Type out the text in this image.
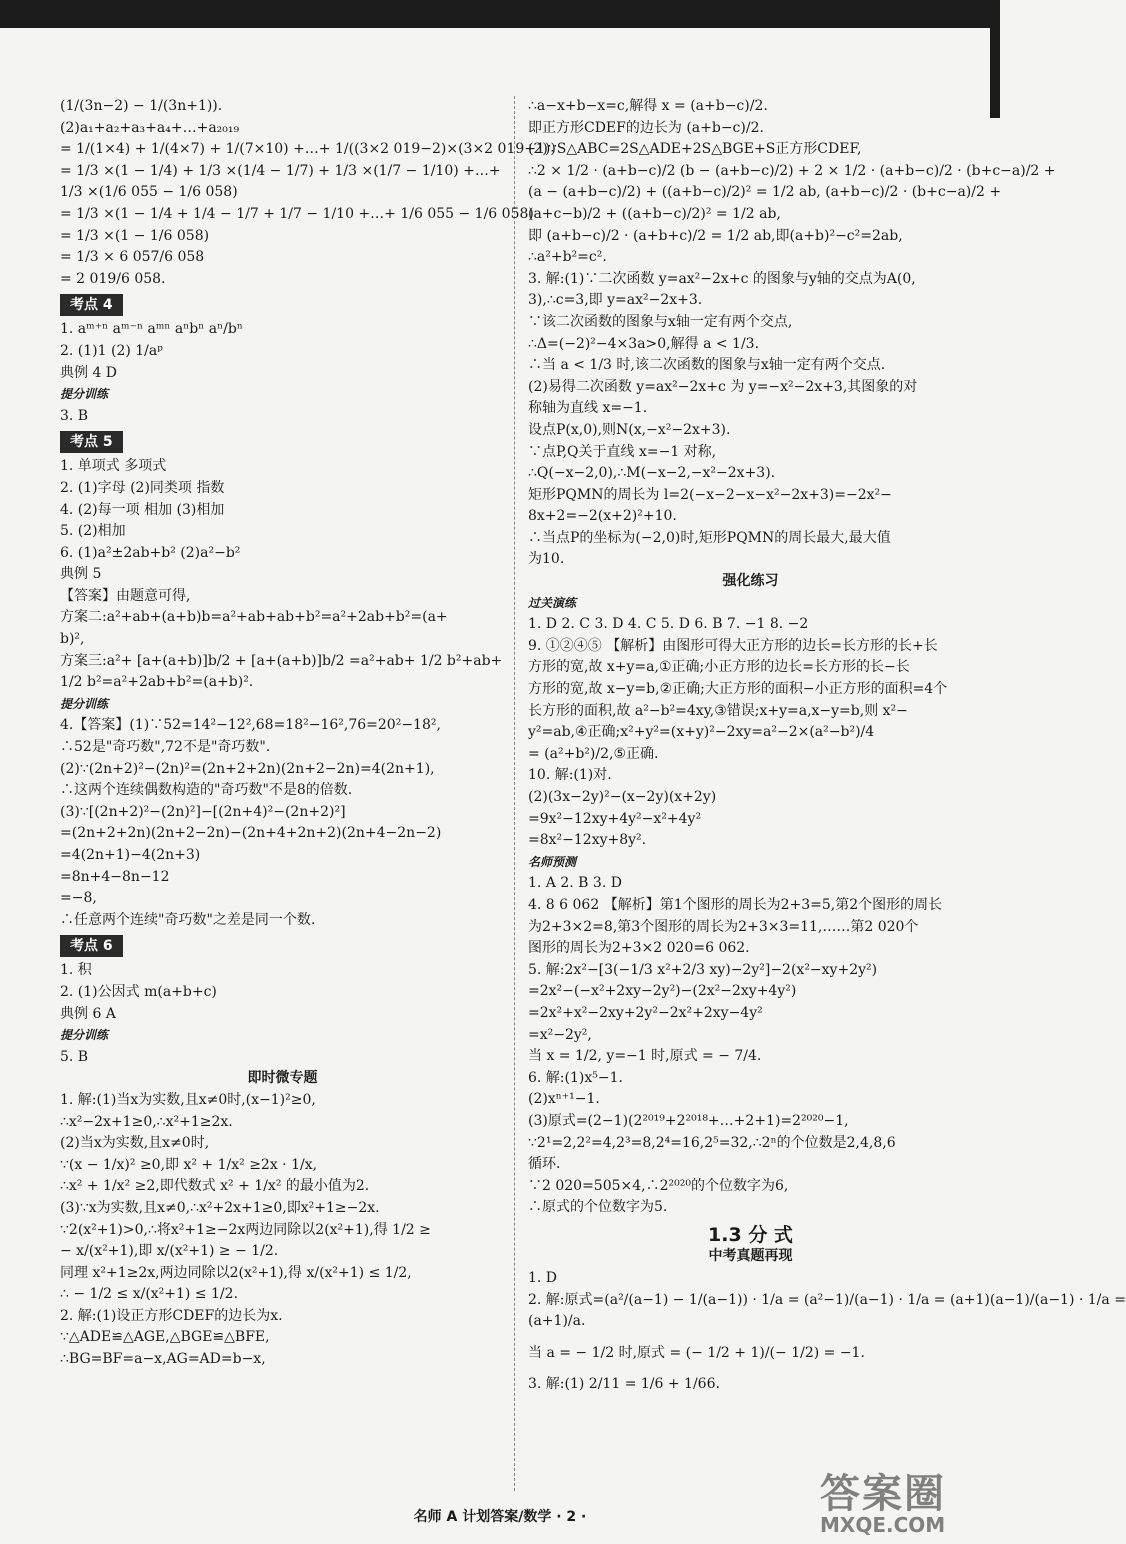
(1/(3n−2) − 1/(3n+1)).
(2)a₁+a₂+a₃+a₄+…+a₂₀₁₉
= 1/(1×4) + 1/(4×7) + 1/(7×10) +…+ 1/((3×2 019−2)×(3×2 019+1))
= 1/3 ×(1 − 1/4) + 1/3 ×(1/4 − 1/7) + 1/3 ×(1/7 − 1/10) +…+
1/3 ×(1/6 055 − 1/6 058)
= 1/3 ×(1 − 1/4 + 1/4 − 1/7 + 1/7 − 1/10 +…+ 1/6 055 − 1/6 058)
= 1/3 ×(1 − 1/6 058)
= 1/3 × 6 057/6 058
= 2 019/6 058.
考点 4
1. aᵐ⁺ⁿ aᵐ⁻ⁿ aᵐⁿ aⁿbⁿ aⁿ/bⁿ
2. (1)1 (2) 1/aᵖ
典例 4 D
提分训练
3. B
考点 5
1. 单项式 多项式
2. (1)字母 (2)同类项 指数
4. (2)每一项 相加 (3)相加
5. (2)相加
6. (1)a²±2ab+b² (2)a²−b²
典例 5
【答案】由题意可得,
方案二:a²+ab+(a+b)b=a²+ab+ab+b²=a²+2ab+b²=(a+
b)²,
方案三:a²+ [a+(a+b)]b/2 + [a+(a+b)]b/2 =a²+ab+ 1/2 b²+ab+
1/2 b²=a²+2ab+b²=(a+b)².
提分训练
4.【答案】(1)∵52=14²−12²,68=18²−16²,76=20²−18²,
∴52是"奇巧数",72不是"奇巧数".
(2)∵(2n+2)²−(2n)²=(2n+2+2n)(2n+2−2n)=4(2n+1),
∴这两个连续偶数构造的"奇巧数"不是8的倍数.
(3)∵[(2n+2)²−(2n)²]−[(2n+4)²−(2n+2)²]
=(2n+2+2n)(2n+2−2n)−(2n+4+2n+2)(2n+4−2n−2)
=4(2n+1)−4(2n+3)
=8n+4−8n−12
=−8,
∴任意两个连续"奇巧数"之差是同一个数.
考点 6
1. 积
2. (1)公因式 m(a+b+c)
典例 6 A
提分训练
5. B
即时微专题
1. 解:(1)当x为实数,且x≠0时,(x−1)²≥0,
∴x²−2x+1≥0,∴x²+1≥2x.
(2)当x为实数,且x≠0时,
∵(x − 1/x)² ≥0,即 x² + 1/x² ≥2x · 1/x,
∴x² + 1/x² ≥2,即代数式 x² + 1/x² 的最小值为2.
(3)∵x为实数,且x≠0,∴x²+2x+1≥0,即x²+1≥−2x.
∵2(x²+1)>0,∴将x²+1≥−2x两边同除以2(x²+1),得 1/2 ≥
− x/(x²+1),即 x/(x²+1) ≥ − 1/2.
同理 x²+1≥2x,两边同除以2(x²+1),得 x/(x²+1) ≤ 1/2,
∴ − 1/2 ≤ x/(x²+1) ≤ 1/2.
2. 解:(1)设正方形CDEF的边长为x.
∵△ADE≌△AGE,△BGE≌△BFE,
∴BG=BF=a−x,AG=AD=b−x,
∴a−x+b−x=c,解得 x = (a+b−c)/2.
即正方形CDEF的边长为 (a+b−c)/2.
(2)∵S△ABC=2S△ADE+2S△BGE+S正方形CDEF,
∴2 × 1/2 · (a+b−c)/2 (b − (a+b−c)/2) + 2 × 1/2 · (a+b−c)/2 · (b+c−a)/2 +
(a − (a+b−c)/2) + ((a+b−c)/2)² = 1/2 ab, (a+b−c)/2 · (b+c−a)/2 +
(a+c−b)/2 + ((a+b−c)/2)² = 1/2 ab,
即 (a+b−c)/2 · (a+b+c)/2 = 1/2 ab,即(a+b)²−c²=2ab,
∴a²+b²=c².
3. 解:(1)∵二次函数 y=ax²−2x+c 的图象与y轴的交点为A(0,
3),∴c=3,即 y=ax²−2x+3.
∵该二次函数的图象与x轴一定有两个交点,
∴Δ=(−2)²−4×3a>0,解得 a < 1/3.
∴当 a < 1/3 时,该二次函数的图象与x轴一定有两个交点.
(2)易得二次函数 y=ax²−2x+c 为 y=−x²−2x+3,其图象的对
称轴为直线 x=−1.
设点P(x,0),则N(x,−x²−2x+3).
∵点P,Q关于直线 x=−1 对称,
∴Q(−x−2,0),∴M(−x−2,−x²−2x+3).
矩形PQMN的周长为 l=2(−x−2−x−x²−2x+3)=−2x²−
8x+2=−2(x+2)²+10.
∴当点P的坐标为(−2,0)时,矩形PQMN的周长最大,最大值
为10.
强化练习
过关演练
1. D 2. C 3. D 4. C 5. D 6. B 7. −1 8. −2
9. ①②④⑤ 【解析】由图形可得大正方形的边长=长方形的长+长
方形的宽,故 x+y=a,①正确;小正方形的边长=长方形的长−长
方形的宽,故 x−y=b,②正确;大正方形的面积−小正方形的面积=4个
长方形的面积,故 a²−b²=4xy,③错误;x+y=a,x−y=b,则 x²−
y²=ab,④正确;x²+y²=(x+y)²−2xy=a²−2×(a²−b²)/4
= (a²+b²)/2,⑤正确.
10. 解:(1)对.
(2)(3x−2y)²−(x−2y)(x+2y)
=9x²−12xy+4y²−x²+4y²
=8x²−12xy+8y².
名师预测
1. A 2. B 3. D
4. 8 6 062 【解析】第1个图形的周长为2+3=5,第2个图形的周长
为2+3×2=8,第3个图形的周长为2+3×3=11,……第2 020个
图形的周长为2+3×2 020=6 062.
5. 解:2x²−[3(−1/3 x²+2/3 xy)−2y²]−2(x²−xy+2y²)
=2x²−(−x²+2xy−2y²)−(2x²−2xy+4y²)
=2x²+x²−2xy+2y²−2x²+2xy−4y²
=x²−2y²,
当 x = 1/2, y=−1 时,原式 = − 7/4.
6. 解:(1)x⁵−1.
(2)xⁿ⁺¹−1.
(3)原式=(2−1)(2²⁰¹⁹+2²⁰¹⁸+…+2+1)=2²⁰²⁰−1,
∵2¹=2,2²=4,2³=8,2⁴=16,2⁵=32,∴2ⁿ的个位数是2,4,8,6
循环.
∵2 020=505×4,∴2²⁰²⁰的个位数字为6,
∴原式的个位数字为5.
1.3 分 式
中考真题再现
1. D
2. 解:原式=(a²/(a−1) − 1/(a−1)) · 1/a = (a²−1)/(a−1) · 1/a = (a+1)(a−1)/(a−1) · 1/a =
(a+1)/a.
当 a = − 1/2 时,原式 = (− 1/2 + 1)/(− 1/2) = −1.
3. 解:(1) 2/11 = 1/6 + 1/66.
名师 A 计划答案/数学 · 2 ·	答案圈
MXQE.COM
